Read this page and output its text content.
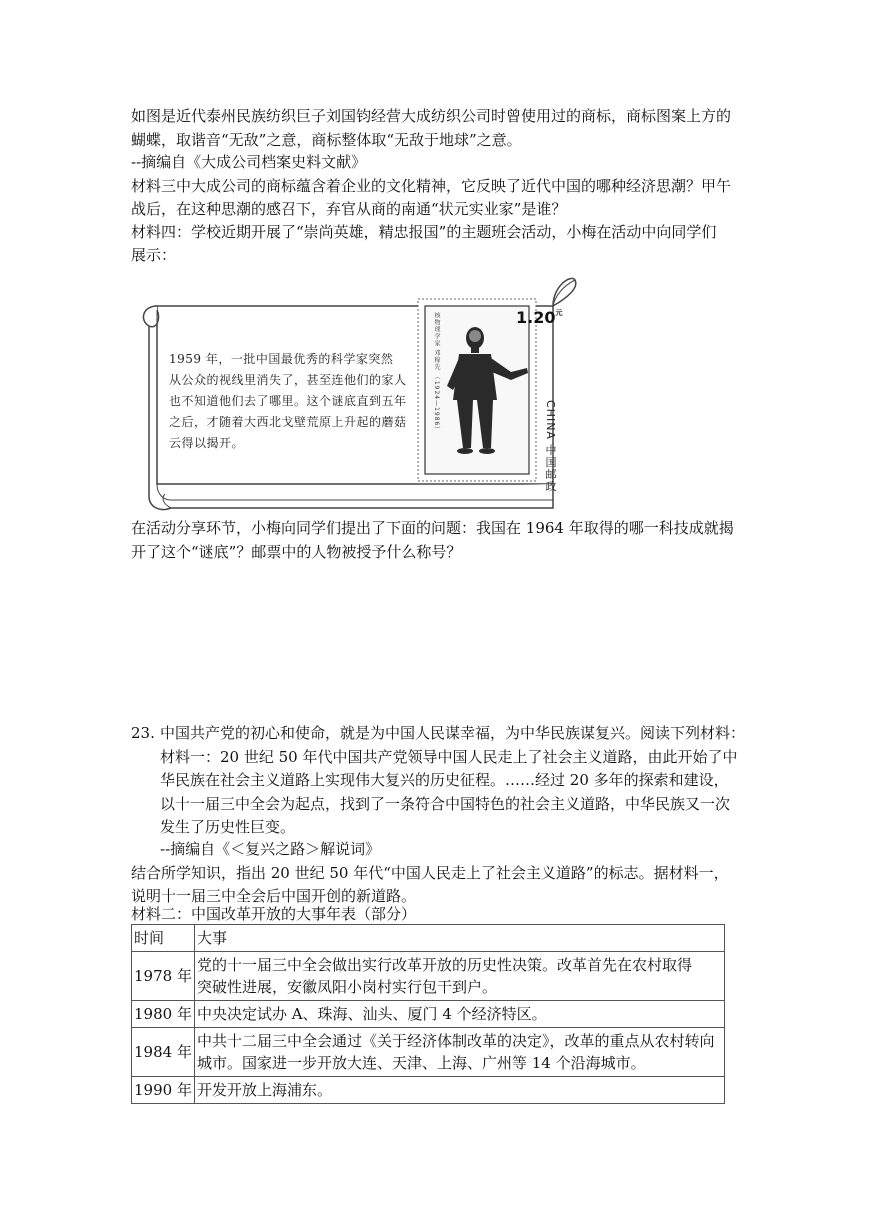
如图是近代泰州民族纺织巨子刘国钧经营大成纺织公司时曾使用过的商标，商标图案上方的
蝴蝶，取谐音“无敌”之意，商标整体取“无敌于地球”之意。
--摘编自《大成公司档案史料文献》
材料三中大成公司的商标蕴含着企业的文化精神，它反映了近代中国的哪种经济思潮？甲午
战后，在这种思潮的感召下，弃官从商的南通“状元实业家”是谁？
材料四：学校近期开展了“崇尚英雄，精忠报国”的主题班会活动，小梅在活动中向同学们
展示：
1959 年，一批中国最优秀的科学家突然
从公众的视线里消失了，甚至连他们的家人
也不知道他们去了哪里。这个谜底直到五年
之后，才随着大西北戈壁荒原上升起的蘑菇
云得以揭开。
$1.20^元$
核物理学家 邓稼先 （1924—1986）
CHINA 中国邮政
在活动分享环节，小梅向同学们提出了下面的问题：我国在 1964 年取得的哪一科技成就揭
开了这个“谜底”？邮票中的人物被授予什么称号？
23. 中国共产党的初心和使命，就是为中国人民谋幸福，为中华民族谋复兴。阅读下列材料：
材料一：20 世纪 50 年代中国共产党领导中国人民走上了社会主义道路，由此开始了中
华民族在社会主义道路上实现伟大复兴的历史征程。……经过 20 多年的探索和建设，
以十一届三中全会为起点，找到了一条符合中国特色的社会主义道路，中华民族又一次
发生了历史性巨变。
--摘编自《＜复兴之路＞解说词》
结合所学知识，指出 20 世纪 50 年代“中国人民走上了社会主义道路”的标志。据材料一，
说明十一届三中全会后中国开创的新道路。
材料二：中国改革开放的大事年表（部分）
时间	大事
1978 年	党的十一届三中全会做出实行改革开放的历史性决策。改革首先在农村取得
突破性进展，安徽凤阳小岗村实行包干到户。

1980 年	中央决定试办 A、珠海、汕头、厦门 4 个经济特区。

1984 年	中共十二届三中全会通过《关于经济体制改革的决定》，改革的重点从农村转向
城市。国家进一步开放大连、天津、上海、广州等 14 个沿海城市。

1990 年	开发开放上海浦东。
